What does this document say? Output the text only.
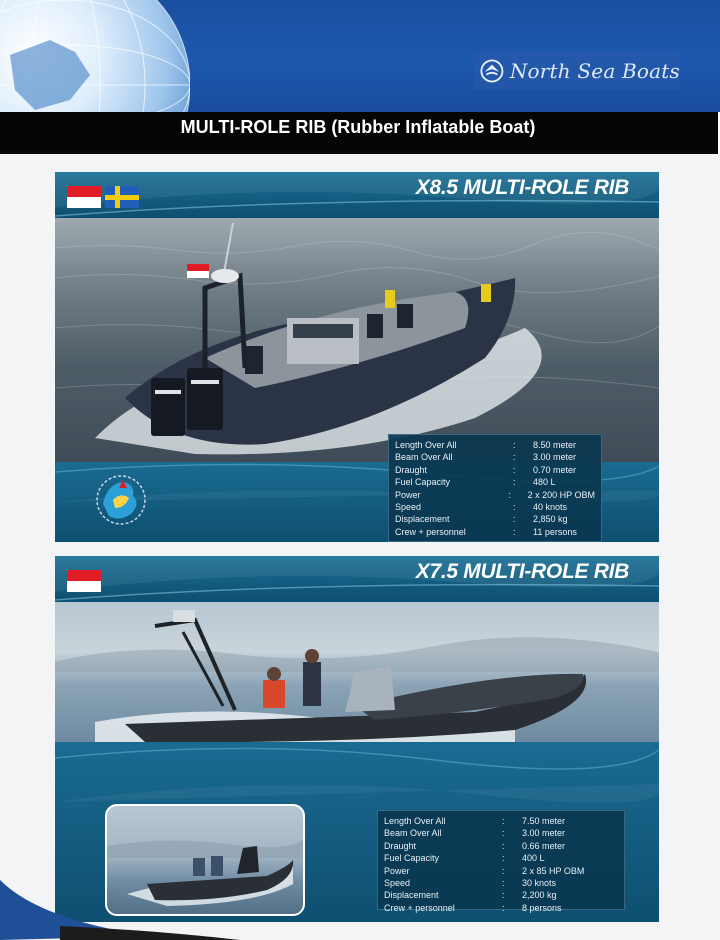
North Sea Boats
MULTI-ROLE RIB (Rubber Inflatable Boat)
X8.5 MULTI-ROLE RIB
Length Over All	:	8.50 meter
Beam Over All	:	3.00 meter
Draught	:	0.70 meter
Fuel Capacity	:	480 L
Power	:	2 x 200 HP OBM
Speed	:	40 knots
Displacement	:	2,850 kg
Crew + personnel	:	11 persons
X7.5 MULTI-ROLE RIB
Length Over All	:	7.50 meter
Beam Over All	:	3.00 meter
Draught	:	0.66 meter
Fuel Capacity	:	400 L
Power	:	2 x 85 HP OBM
Speed	:	30 knots
Displacement	:	2,200 kg
Crew + personnel	:	8 persons
